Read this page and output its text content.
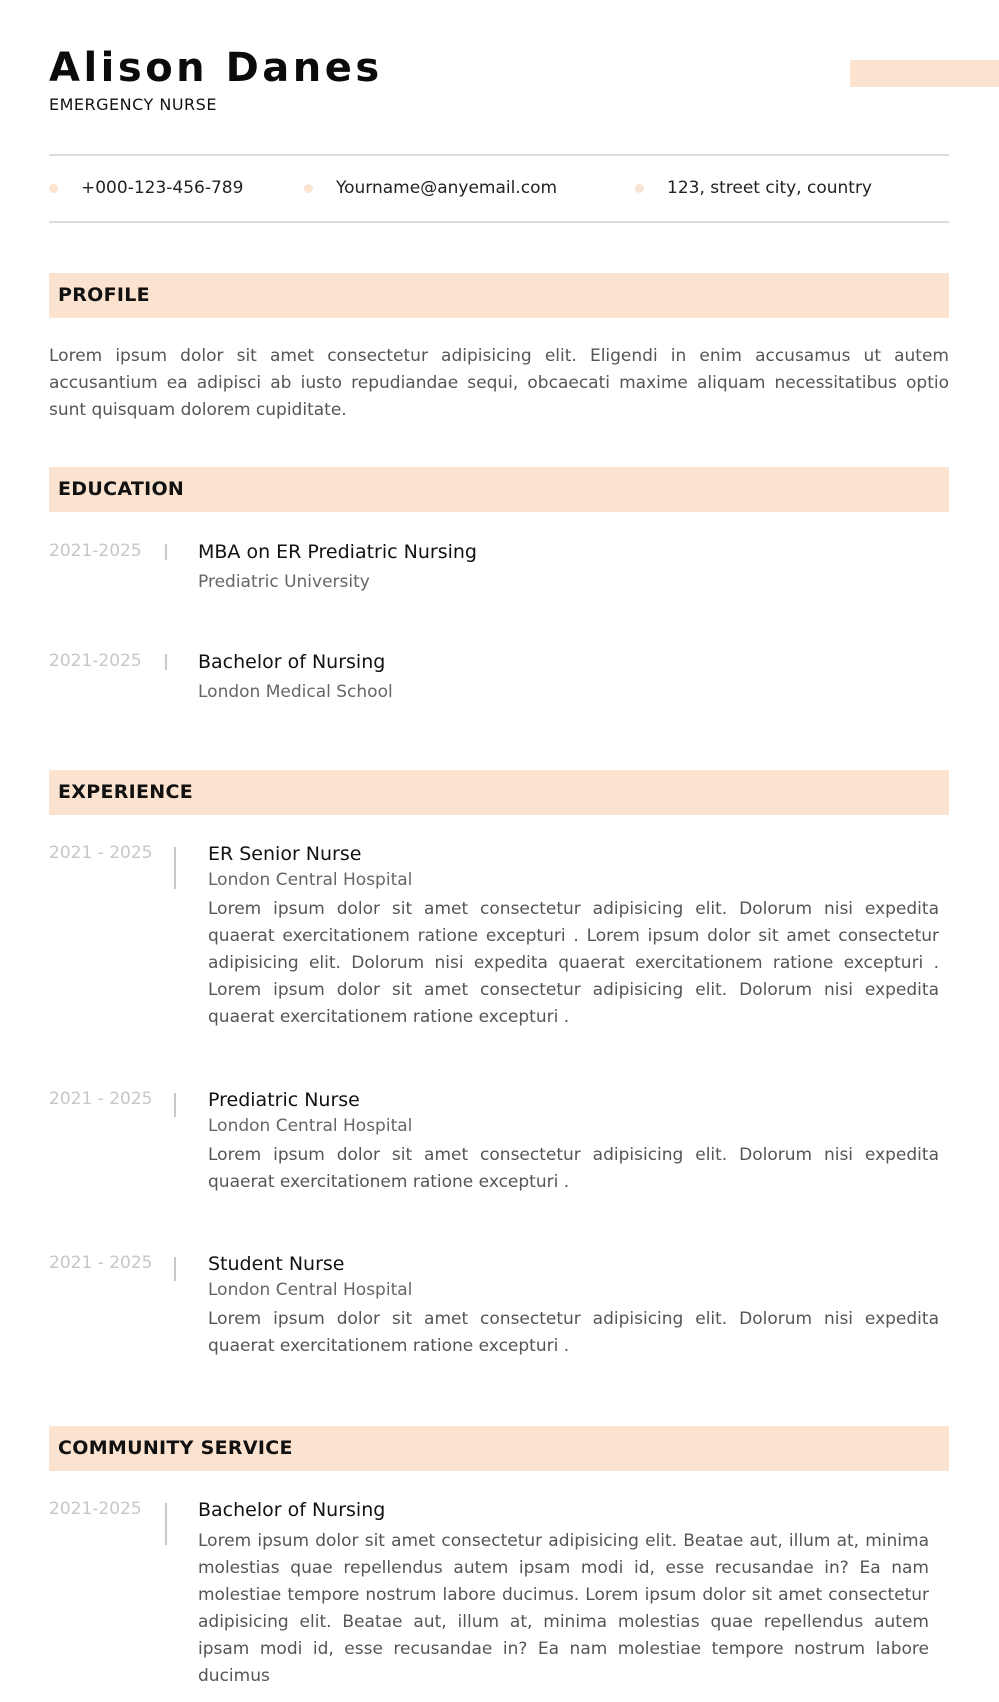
Alison Danes
EMERGENCY NURSE
+000-123-456-789	Yourname@anyemail.com	123, street city, country
PROFILE
Lorem ipsum dolor sit amet consectetur adipisicing elit. Eligendi in enim accusamus ut autem accusantium ea adipisci ab iusto repudiandae sequi, obcaecati maxime aliquam necessitatibus optio sunt quisquam dolorem cupiditate.
EDUCATION
2021-2025	MBA on ER Prediatric Nursing
Prediatric University
2021-2025	Bachelor of Nursing
London Medical School
EXPERIENCE
2021 - 2025	ER Senior Nurse
London Central Hospital
Lorem ipsum dolor sit amet consectetur adipisicing elit. Dolorum nisi expedita quaerat exercitationem ratione excepturi . Lorem ipsum dolor sit amet consectetur adipisicing elit. Dolorum nisi expedita quaerat exercitationem ratione excepturi . Lorem ipsum dolor sit amet consectetur adipisicing elit. Dolorum nisi expedita quaerat exercitationem ratione excepturi .
2021 - 2025	Prediatric Nurse
London Central Hospital
Lorem ipsum dolor sit amet consectetur adipisicing elit. Dolorum nisi expedita quaerat exercitationem ratione excepturi .
2021 - 2025	Student Nurse
London Central Hospital
Lorem ipsum dolor sit amet consectetur adipisicing elit. Dolorum nisi expedita quaerat exercitationem ratione excepturi .
COMMUNITY SERVICE
2021-2025	Bachelor of Nursing
Lorem ipsum dolor sit amet consectetur adipisicing elit. Beatae aut, illum at, minima molestias quae repellendus autem ipsam modi id, esse recusandae in? Ea nam molestiae tempore nostrum labore ducimus. Lorem ipsum dolor sit amet consectetur adipisicing elit. Beatae aut, illum at, minima molestias quae repellendus autem ipsam modi id, esse recusandae in? Ea nam molestiae tempore nostrum labore ducimus
